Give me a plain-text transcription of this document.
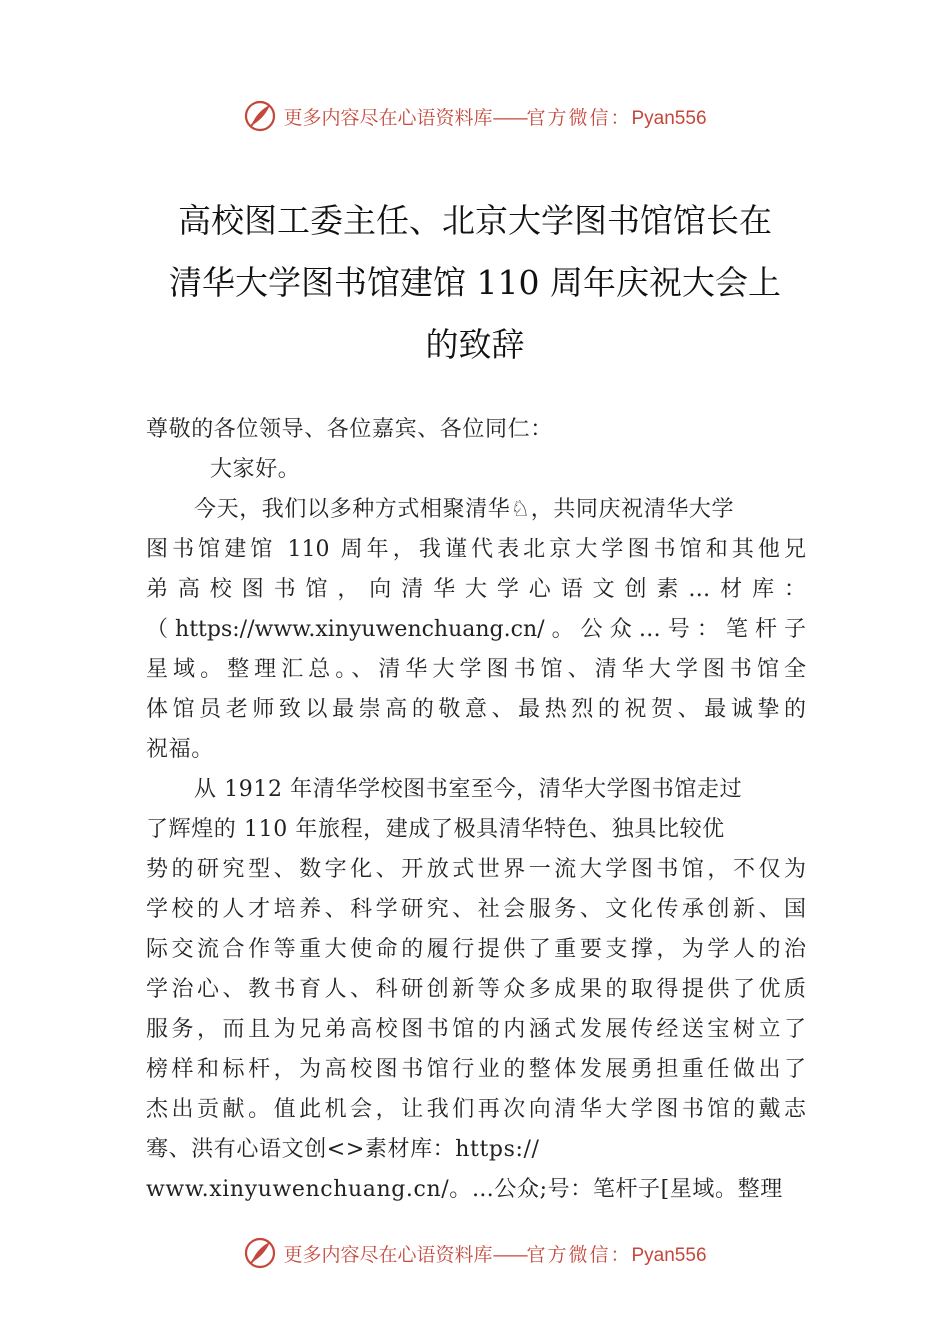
更多内容尽在心语资料库——官方微信：Pyan556
高校图工委主任、北京大学图书馆馆长在
清华大学图书馆建馆 110 周年庆祝大会上
的致辞
尊敬的各位领导、各位嘉宾、各位同仁：
大家好。
今天，我们以多种方式相聚清华♘，共同庆祝清华大学
图书馆建馆 110 周年，我谨代表北京大学图书馆和其他兄
弟高校图书馆，向清华大学心语文创素…材库：
（https://www.xinyuwenchuang.cn/。公众…号：笔杆子
星域。整理汇总。、清华大学图书馆、清华大学图书馆全
体馆员老师致以最崇高的敬意、最热烈的祝贺、最诚挚的
祝福。
从 1912 年清华学校图书室至今，清华大学图书馆走过
了辉煌的 110 年旅程，建成了极具清华特色、独具比较优
势的研究型、数字化、开放式世界一流大学图书馆，不仅为
学校的人才培养、科学研究、社会服务、文化传承创新、国
际交流合作等重大使命的履行提供了重要支撑，为学人的治
学治心、教书育人、科研创新等众多成果的取得提供了优质
服务，而且为兄弟高校图书馆的内涵式发展传经送宝树立了
榜样和标杆，为高校图书馆行业的整体发展勇担重任做出了
杰出贡献。值此机会，让我们再次向清华大学图书馆的戴志
骞、洪有心语文创<>素材库：https://
www.xinyuwenchuang.cn/。…公众;号：笔杆子[星域。整理
更多内容尽在心语资料库——官方微信：Pyan556
